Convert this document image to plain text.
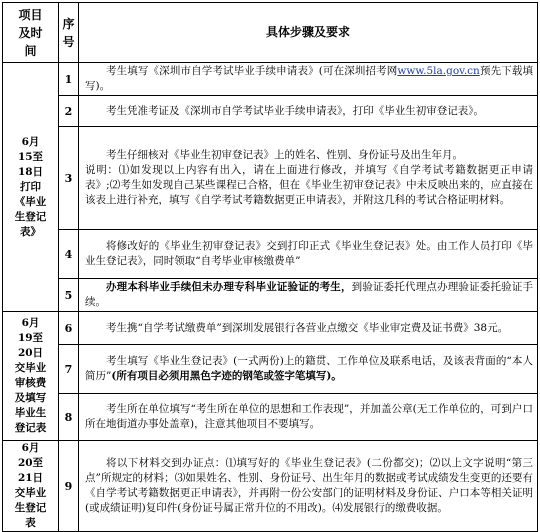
项目及时间	序号	具体步骤及要求

6月15至18日 打印《毕业生登记表》	1	考生填写《深圳市自学考试毕业手续申请表》(可在深圳招考网www.5la.gov.cn预先下载填写)。

	2	考生凭准考证及《深圳市自学考试毕业手续申请表》，打印《毕业生初审登记表》。

	3	考生仔细核对《毕业生初审登记表》上的姓名、性别、身份证号及出生年月。

说明：⑴如发现以上内容有出入，请在上面进行修改，并填写《自学考试考籍数据更正申请表》;⑵考生如发现自己某些课程已合格，但在《毕业生初审登记表》中未反映出来的，应直接在该表上进行补充，填写《自学考试考籍数据更正申请表》，并附这几科的考试合格证明材料。

	4	将修改好的《毕业生初审登记表》交到打印正式《毕业生登记表》处。由工作人员打印《毕业生登记表》，同时领取“自考毕业审核缴费单”

	5	办理本科毕业手续但未办理专科毕业证验证的考生，到验证委托代理点办理验证委托验证手续。

6月19至20日 交毕业审核费及填写毕业生登记表	6	考生携“自学考试缴费单”到深圳发展银行各营业点缴交《毕业审定费及证书费》38元。

	7	考生填写《毕业生登记表》(一式两份)上的籍贯、工作单位及联系电话，及该表背面的“本人简历”(所有项目必须用黑色字迹的钢笔或签字笔填写)。

	8	考生所在单位填写“考生所在单位的思想和工作表现”，并加盖公章(无工作单位的，可到户口所在地街道办事处盖章)，注意其他项目不要填写。

6月20至21日 交毕业生登记表	9	将以下材料交到办证点：⑴填写好的《毕业生登记表》(二份都交)；⑵以上文字说明“第三点”所规定的材料；⑶如果姓名、性别、身份证号、出生年月的数据或考试成绩发生变更的还要有《自学考试考籍数据更正申请表》，并再附一份公安部门的证明材料及身份证、户口本等相关证明(或成绩证明)复印件(身份证号属正常升位的不用改)。⑷发展银行的缴费收据。
